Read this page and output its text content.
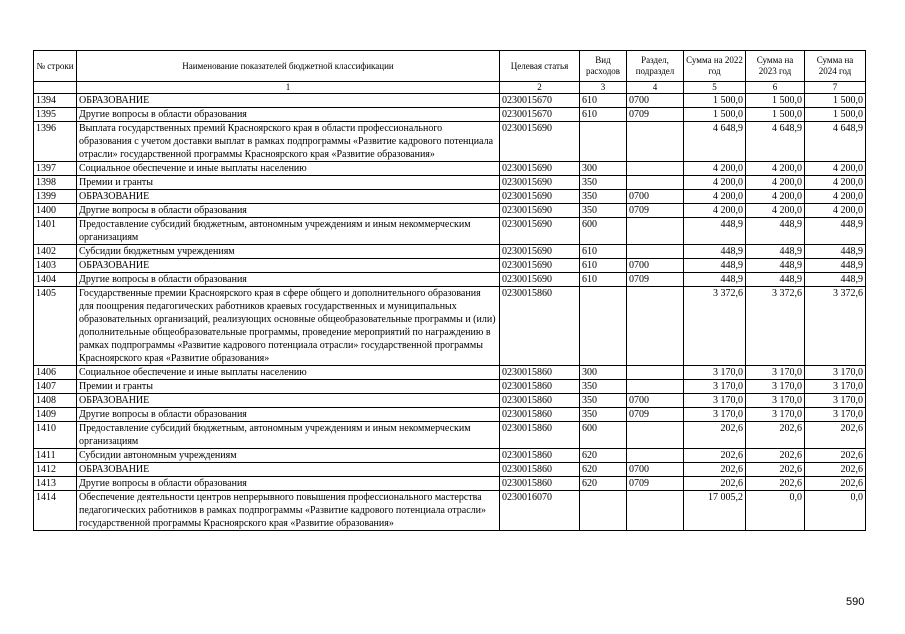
№ строки	Наименование показателей бюджетной классификации	Целевая статья	Вид расходов	Раздел, подраздел	Сумма на 2022 год	Сумма на 2023 год	Сумма на 2024 год
	1	2	3	4	5	6	7
1394	ОБРАЗОВАНИЕ	0230015670	610	0700	1 500,0	1 500,0	1 500,0
1395	Другие вопросы в области образования	0230015670	610	0709	1 500,0	1 500,0	1 500,0
1396	Выплата государственных премий Красноярского края в области профессионального образования с учетом доставки выплат в рамках подпрограммы «Развитие кадрового потенциала отрасли» государственной программы Красноярского края «Развитие образования»	0230015690			4 648,9	4 648,9	4 648,9
1397	Социальное обеспечение и иные выплаты населению	0230015690	300		4 200,0	4 200,0	4 200,0
1398	Премии и гранты	0230015690	350		4 200,0	4 200,0	4 200,0
1399	ОБРАЗОВАНИЕ	0230015690	350	0700	4 200,0	4 200,0	4 200,0
1400	Другие вопросы в области образования	0230015690	350	0709	4 200,0	4 200,0	4 200,0
1401	Предоставление субсидий бюджетным, автономным учреждениям и иным некоммерческим организациям	0230015690	600		448,9	448,9	448,9
1402	Субсидии бюджетным учреждениям	0230015690	610		448,9	448,9	448,9
1403	ОБРАЗОВАНИЕ	0230015690	610	0700	448,9	448,9	448,9
1404	Другие вопросы в области образования	0230015690	610	0709	448,9	448,9	448,9
1405	Государственные премии Красноярского края в сфере общего и дополнительного образования для поощрения педагогических работников краевых государственных и муниципальных образовательных организаций, реализующих основные общеобразовательные программы и (или) дополнительные общеобразовательные программы, проведение мероприятий по награждению в рамках подпрограммы «Развитие кадрового потенциала отрасли» государственной программы Красноярского края «Развитие образования»	0230015860			3 372,6	3 372,6	3 372,6
1406	Социальное обеспечение и иные выплаты населению	0230015860	300		3 170,0	3 170,0	3 170,0
1407	Премии и гранты	0230015860	350		3 170,0	3 170,0	3 170,0
1408	ОБРАЗОВАНИЕ	0230015860	350	0700	3 170,0	3 170,0	3 170,0
1409	Другие вопросы в области образования	0230015860	350	0709	3 170,0	3 170,0	3 170,0
1410	Предоставление субсидий бюджетным, автономным учреждениям и иным некоммерческим организациям	0230015860	600		202,6	202,6	202,6
1411	Субсидии автономным учреждениям	0230015860	620		202,6	202,6	202,6
1412	ОБРАЗОВАНИЕ	0230015860	620	0700	202,6	202,6	202,6
1413	Другие вопросы в области образования	0230015860	620	0709	202,6	202,6	202,6
1414	Обеспечение деятельности центров непрерывного повышения профессионального мастерства педагогических работников в рамках подпрограммы «Развитие кадрового потенциала отрасли» государственной программы Красноярского края «Развитие образования»	0230016070			17 005,2	0,0	0,0
590
